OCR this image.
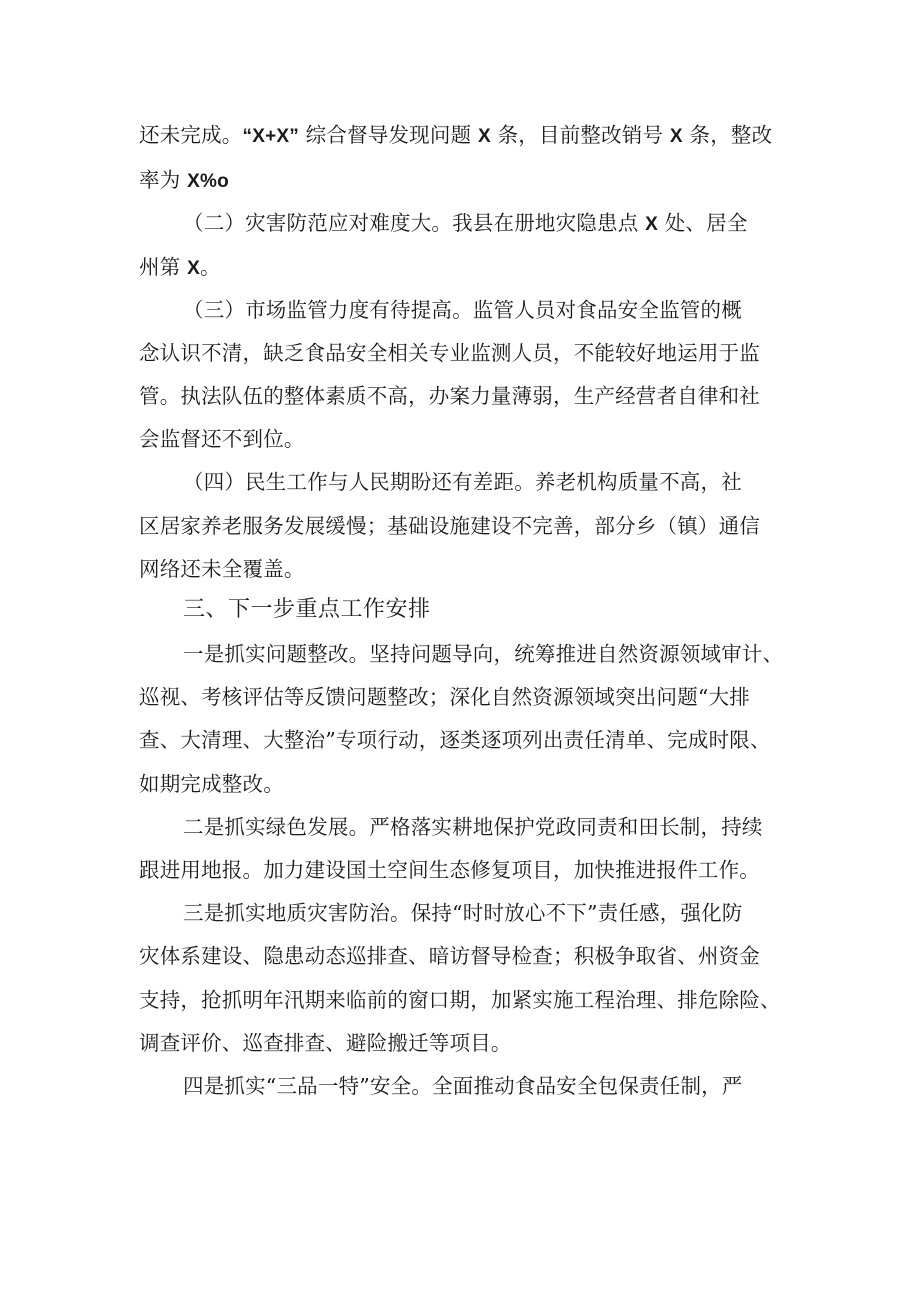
还未完成。“X+X” 综合督导发现问题 X 条，目前整改销号 X 条，整改
率为 X%o
（二）灾害防范应对难度大。我县在册地灾隐患点 X 处、居全
州第 X。
（三）市场监管力度有待提高。监管人员对食品安全监管的概
念认识不清，缺乏食品安全相关专业监测人员，不能较好地运用于监
管。执法队伍的整体素质不高，办案力量薄弱，生产经营者自律和社
会监督还不到位。
（四）民生工作与人民期盼还有差距。养老机构质量不高，社
区居家养老服务发展缓慢；基础设施建设不完善，部分乡（镇）通信
网络还未全覆盖。
三、下一步重点工作安排
一是抓实问题整改。坚持问题导向，统筹推进自然资源领域审计、
巡视、考核评估等反馈问题整改；深化自然资源领域突出问题“大排
查、大清理、大整治”专项行动，逐类逐项列出责任清单、完成时限、
如期完成整改。
二是抓实绿色发展。严格落实耕地保护党政同责和田长制，持续
跟进用地报。加力建设国土空间生态修复项目，加快推进报件工作。
三是抓实地质灾害防治。保持“时时放心不下”责任感，强化防
灾体系建设、隐患动态巡排查、暗访督导检查；积极争取省、州资金
支持，抢抓明年汛期来临前的窗口期，加紧实施工程治理、排危除险、
调查评价、巡查排查、避险搬迁等项目。
四是抓实“三品一特”安全。全面推动食品安全包保责任制，严
